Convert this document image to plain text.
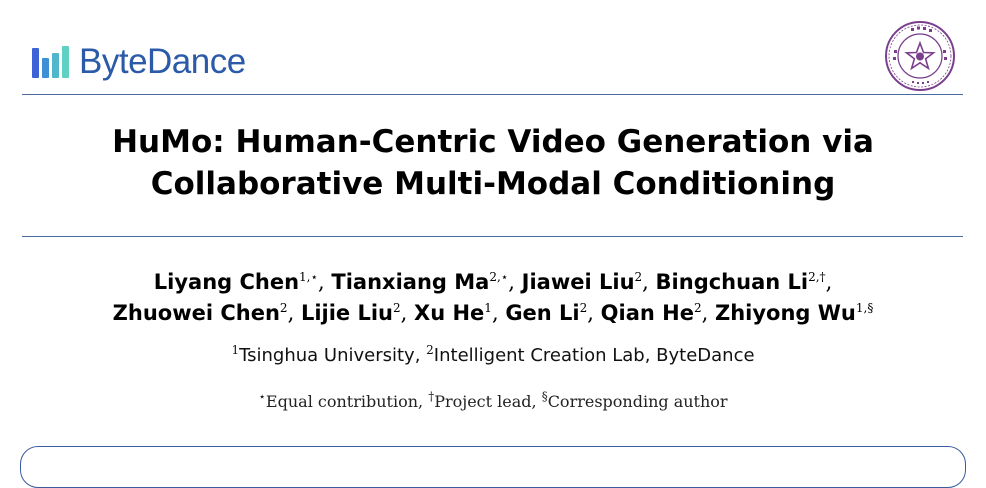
ByteDance
HuMo: Human-Centric Video Generation via
Collaborative Multi-Modal Conditioning
Liyang Chen$^{1,⋆}$, Tianxiang $Ma^{2,⋆}$, Jiawei Liu$^2$, Bingchuan $Li^{2,\dagger}$,
Zhuowei Chen$^2$, Lijie Liu$^2$, Xu He$^1$, Gen Li$^2$, Qian He$^2$, Zhiyong $Wu^{1,\S}$
$^1$Tsinghua University, $^2$Intelligent Creation Lab, ByteDance
⋆Equal contribution, †Project lead, §Corresponding author
